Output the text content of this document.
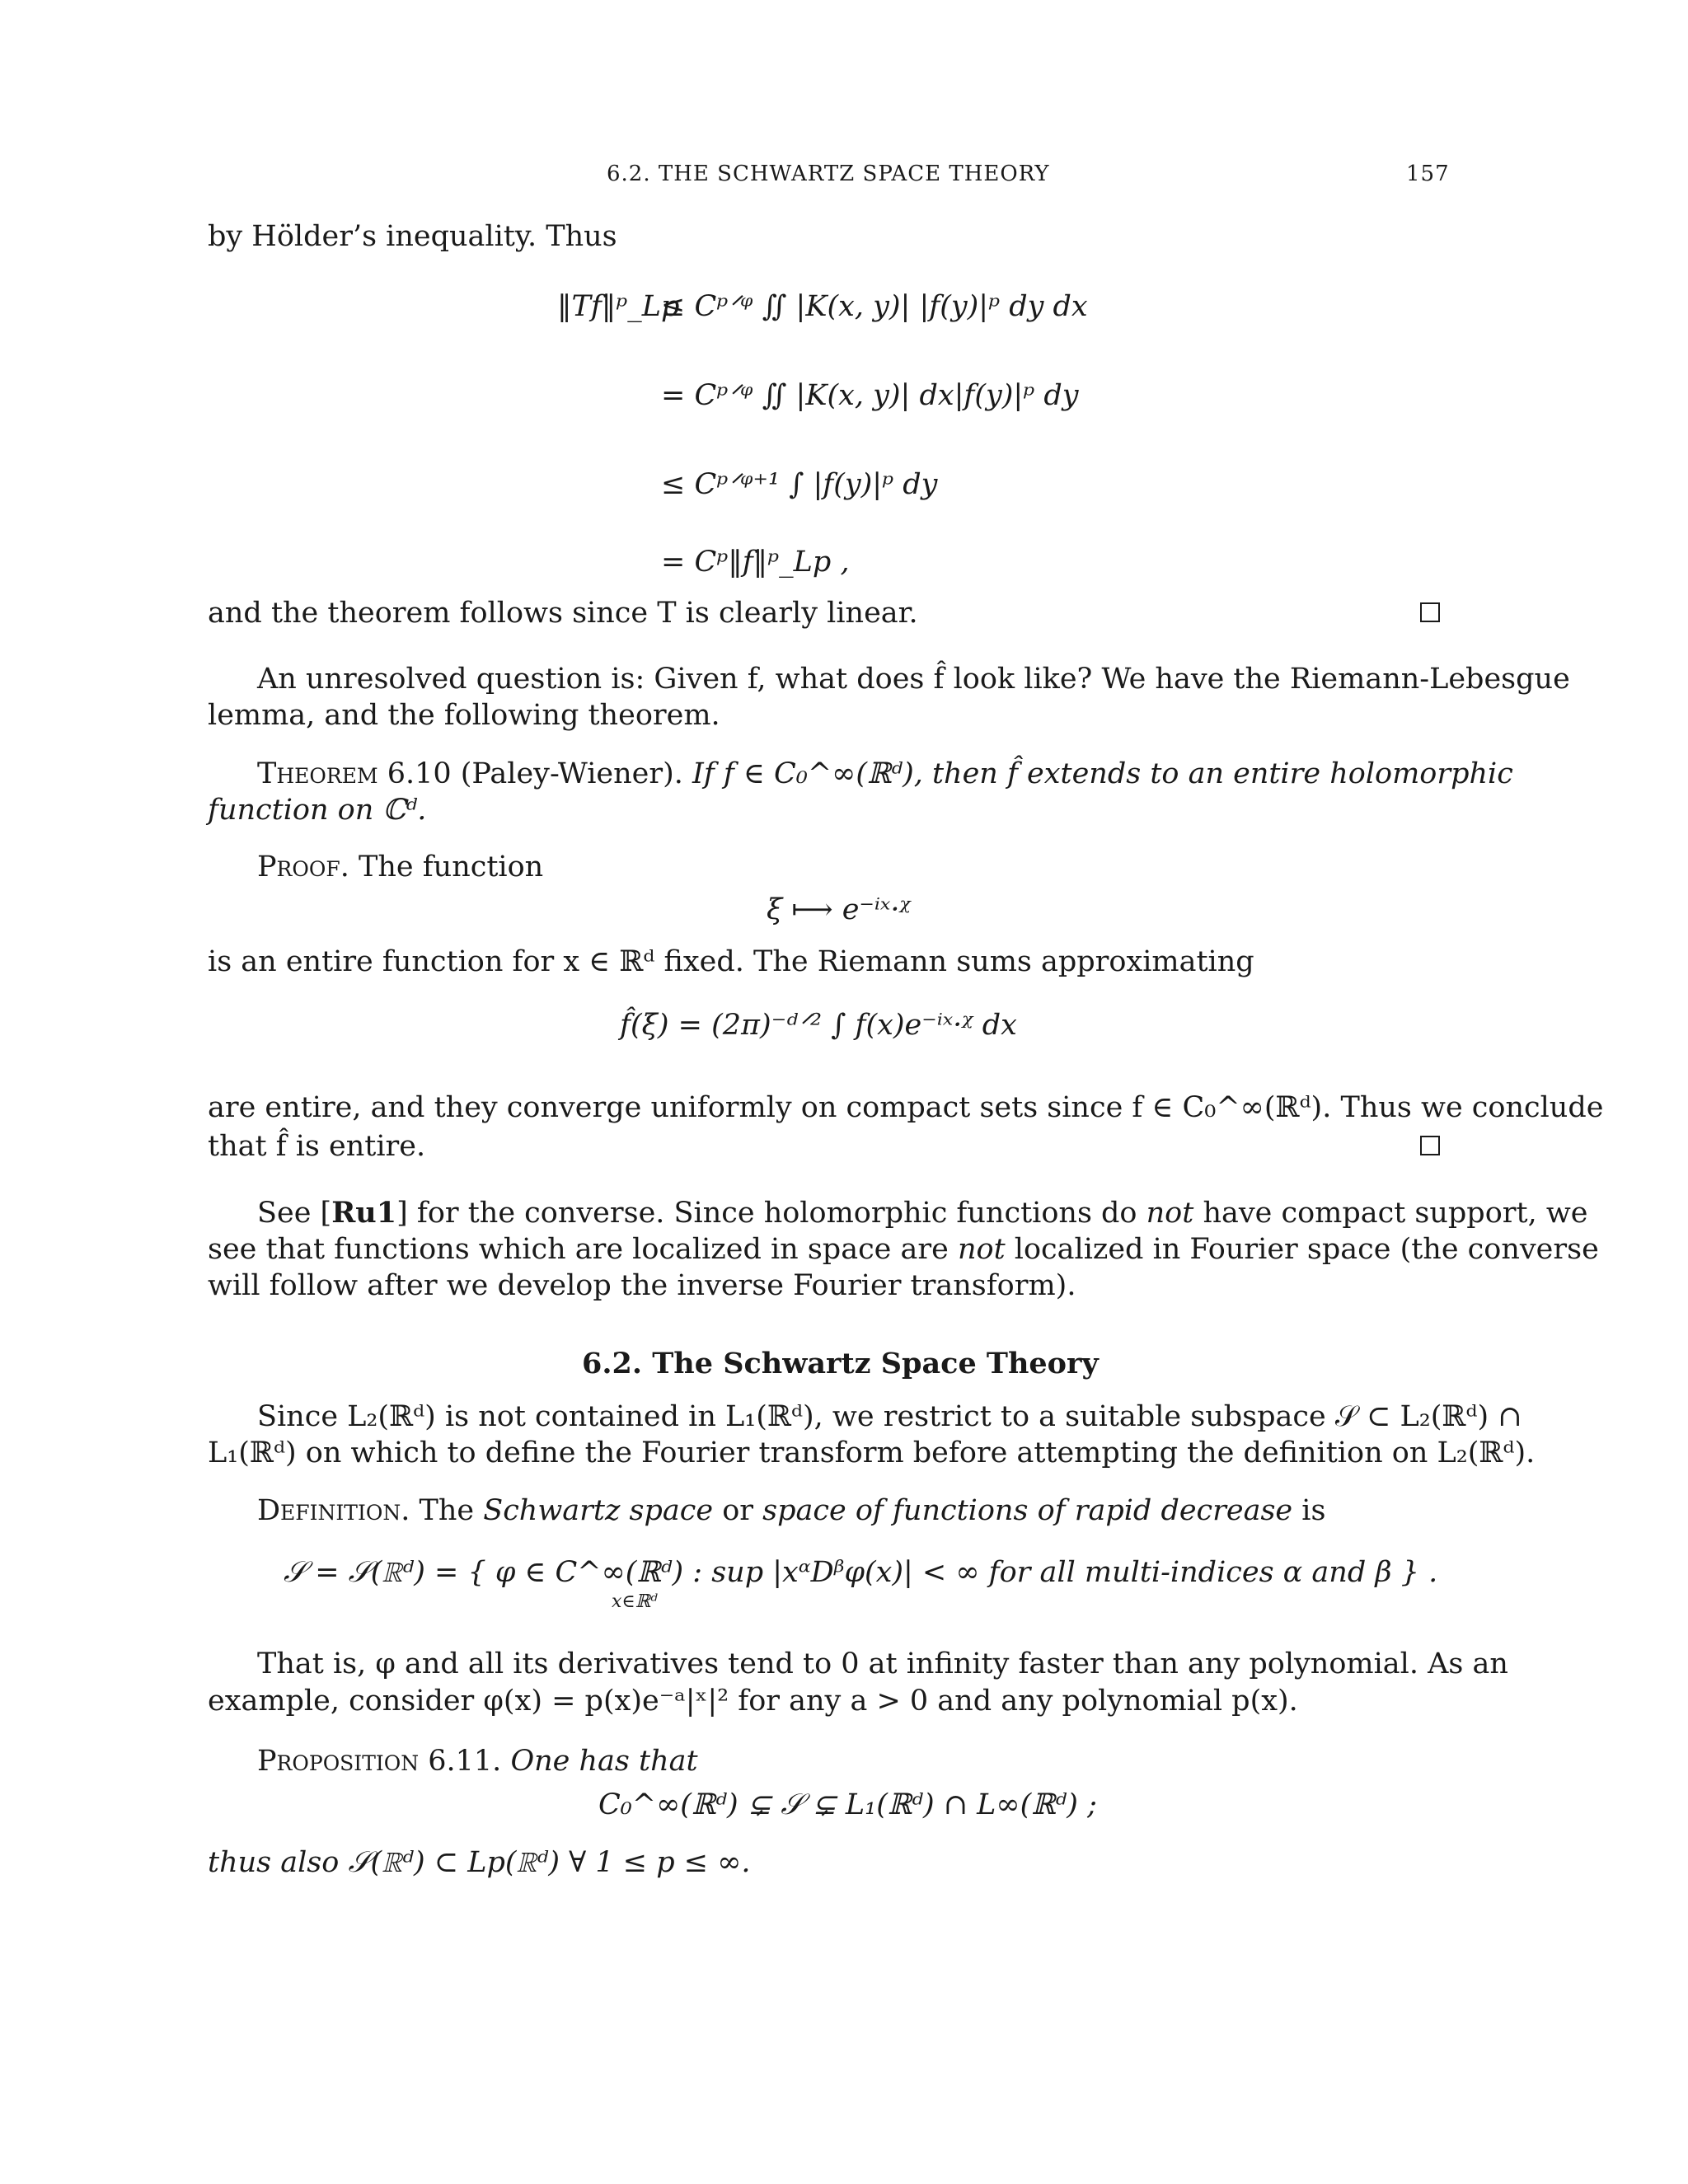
6.2. THE SCHWARTZ SPACE THEORY	157
by Hölder’s inequality. Thus
‖Tf‖ᵖ_Lp
≤ Cᵖᐟᵠ ∬ |K(x, y)| |f(y)|ᵖ dy dx
= Cᵖᐟᵠ ∬ |K(x, y)| dx|f(y)|ᵖ dy
≤ Cᵖᐟᵠ⁺¹ ∫ |f(y)|ᵖ dy
= Cᵖ‖f‖ᵖ_Lp ,
and the theorem follows since T is clearly linear.
An unresolved question is: Given f, what does f̂ look like? We have the Riemann-Lebesgue
lemma, and the following theorem.
Theorem 6.10 (Paley-Wiener). If f ∈ C₀^∞(ℝᵈ), then f̂ extends to an entire holomorphic
function on ℂᵈ.
Proof. The function
ξ ⟼ e⁻ⁱˣ·ᵡ
is an entire function for x ∈ ℝᵈ fixed. The Riemann sums approximating
f̂(ξ) = (2π)⁻ᵈᐟ² ∫ f(x)e⁻ⁱˣ·ᵡ dx
are entire, and they converge uniformly on compact sets since f ∈ C₀^∞(ℝᵈ). Thus we conclude
that f̂ is entire.
See [Ru1] for the converse. Since holomorphic functions do not have compact support, we
see that functions which are localized in space are not localized in Fourier space (the converse
will follow after we develop the inverse Fourier transform).
6.2. The Schwartz Space Theory
Since L₂(ℝᵈ) is not contained in L₁(ℝᵈ), we restrict to a suitable subspace 𝒮 ⊂ L₂(ℝᵈ) ∩
L₁(ℝᵈ) on which to define the Fourier transform before attempting the definition on L₂(ℝᵈ).
Definition. The Schwartz space or space of functions of rapid decrease is
𝒮 = 𝒮(ℝᵈ) = { φ ∈ C^∞(ℝᵈ) : sup |xᵅDᵝφ(x)| < ∞ for all multi-indices α and β } .
x∈ℝᵈ
That is, φ and all its derivatives tend to 0 at infinity faster than any polynomial. As an
example, consider φ(x) = p(x)e⁻ᵃ|ˣ|² for any a > 0 and any polynomial p(x).
Proposition 6.11. One has that
C₀^∞(ℝᵈ) ⊊ 𝒮 ⊊ L₁(ℝᵈ) ∩ L∞(ℝᵈ) ;
thus also 𝒮(ℝᵈ) ⊂ Lp(ℝᵈ) ∀ 1 ≤ p ≤ ∞.
